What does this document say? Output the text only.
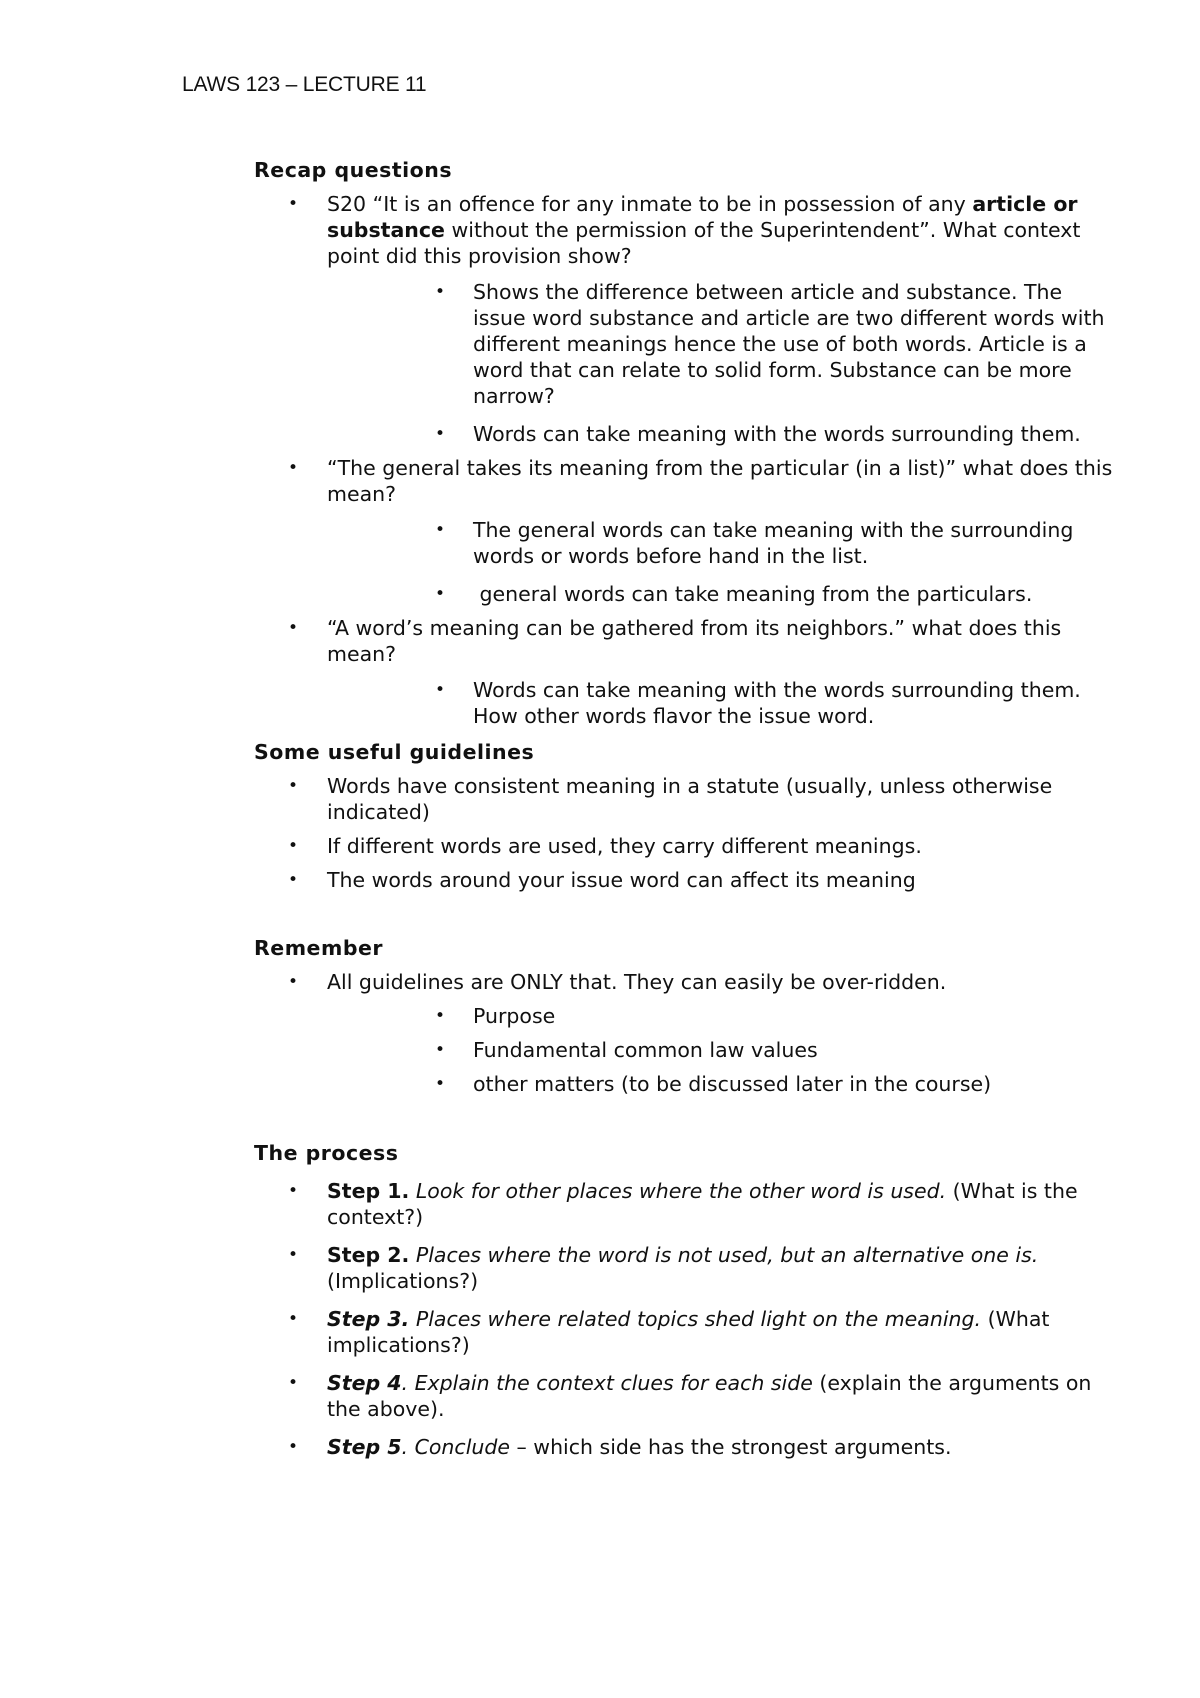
LAWS 123 – LECTURE 11
Recap questions
• S20 “It is an offence for any inmate to be in possession of any article or substance without the permission of the Superintendent”. What context point did this provision show?
• Shows the difference between article and substance. The issue word substance and article are two different words with different meanings hence the use of both words. Article is a word that can relate to solid form. Substance can be more narrow?
• Words can take meaning with the words surrounding them.
• “The general takes its meaning from the particular (in a list)” what does this mean?
• The general words can take meaning with the surrounding words or words before hand in the list.
• general words can take meaning from the particulars.
• “A word’s meaning can be gathered from its neighbors.” what does this mean?
• Words can take meaning with the words surrounding them. How other words flavor the issue word.
Some useful guidelines
• Words have consistent meaning in a statute (usually, unless otherwise indicated)
• If different words are used, they carry different meanings.
• The words around your issue word can affect its meaning
Remember
• All guidelines are ONLY that. They can easily be over-ridden.
• Purpose
• Fundamental common law values
• other matters (to be discussed later in the course)
The process
• Step 1. Look for other places where the other word is used. (What is the context?)
• Step 2. Places where the word is not used, but an alternative one is. (Implications?)
• Step 3. Places where related topics shed light on the meaning. (What implications?)
• Step 4. Explain the context clues for each side (explain the arguments on the above).
• Step 5. Conclude – which side has the strongest arguments.
